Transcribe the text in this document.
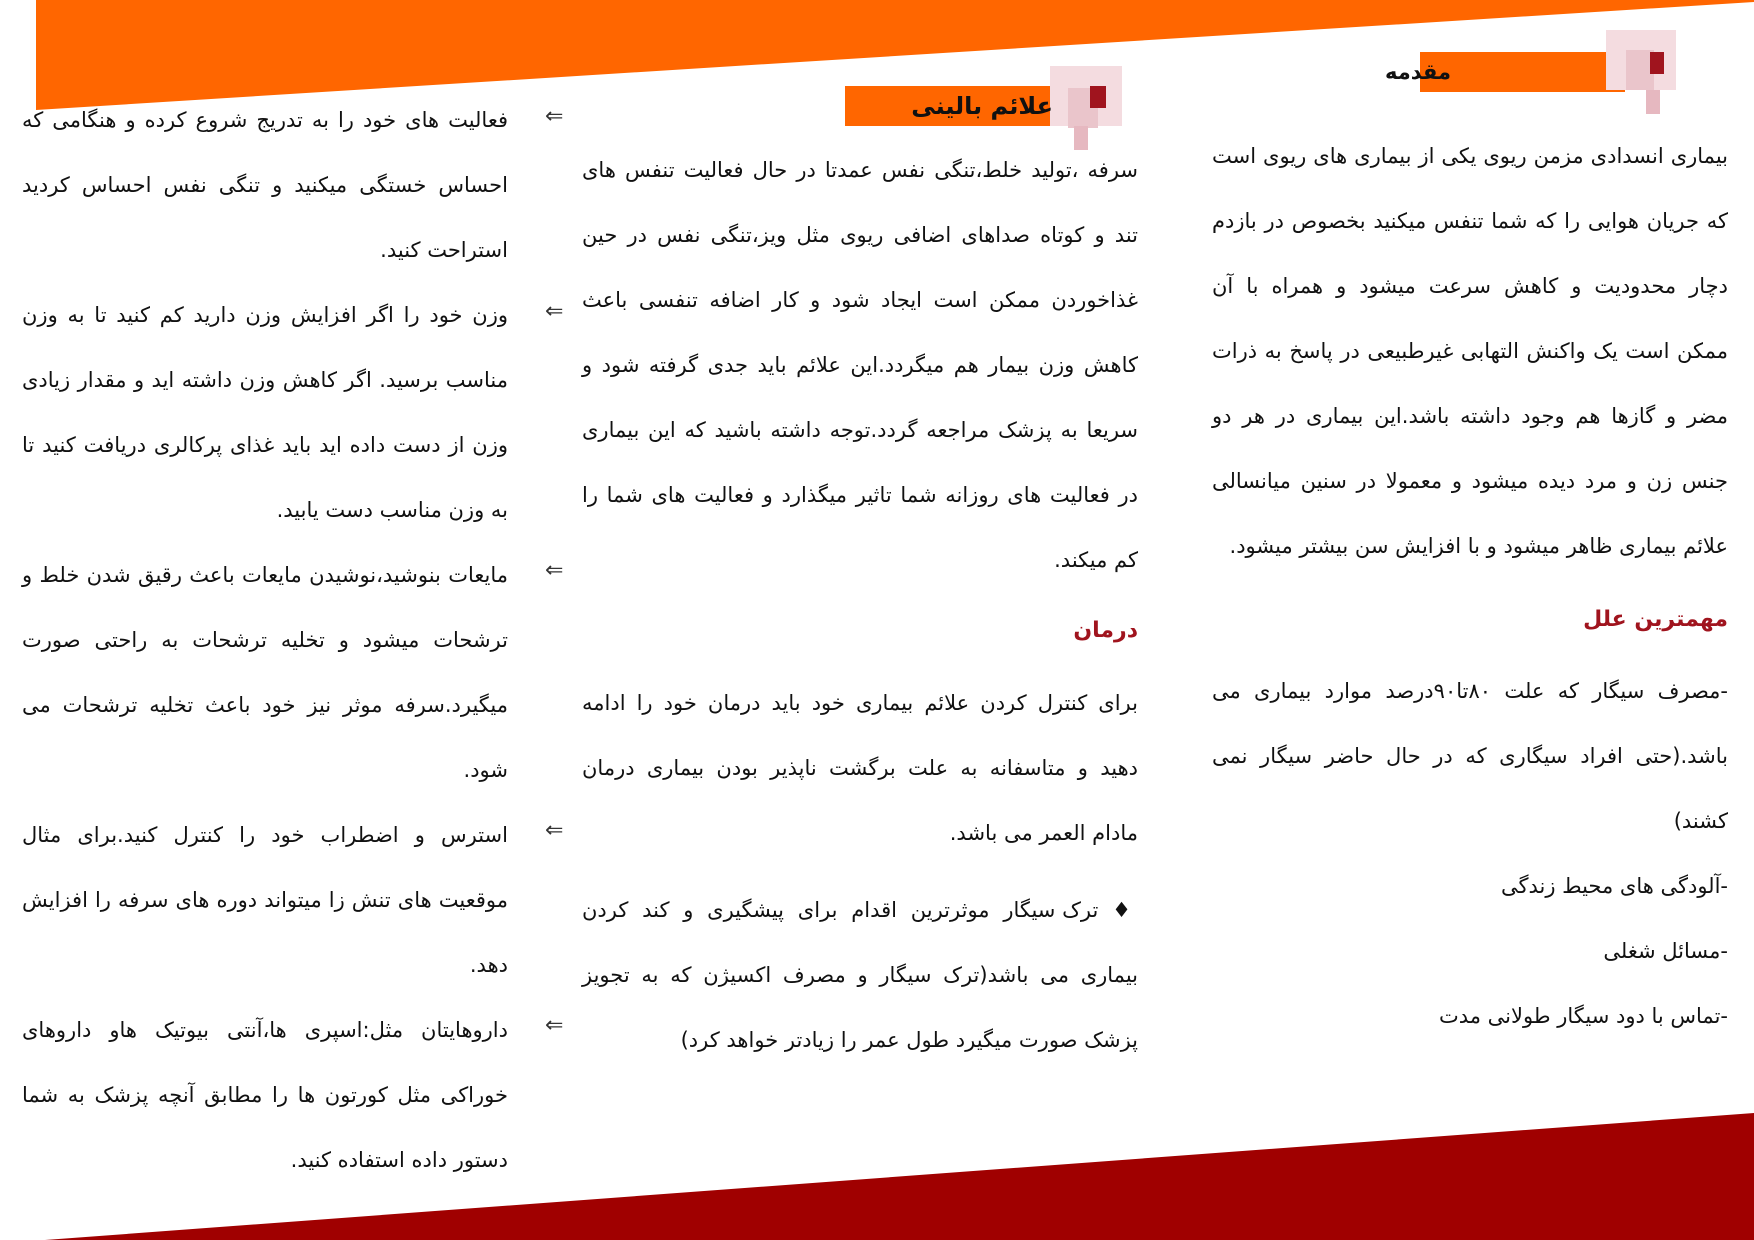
مقدمه

بیماری انسدادی مزمن ریوی یکی از بیماری های ریوی است که جریان هوایی را که شما تنفس میکنید بخصوص در بازدم دچار محدودیت و کاهش سرعت میشود و همراه با آن ممکن است یک واکنش التهابی غیرطبیعی در پاسخ به ذرات مضر و گازها هم وجود داشته باشد.این بیماری در هر دو جنس زن و مرد دیده میشود و معمولا در سنین میانسالی علائم بیماری ظاهر میشود و با افزایش سن بیشتر میشود.

مهمترین علل

-مصرف سیگار که علت ۸۰تا۹۰درصد موارد بیماری می باشد.(حتی افراد سیگاری که در حال حاضر سیگار نمی کشند)

-آلودگی های محیط زندگی

-مسائل شغلی

-تماس با دود سیگار طولانی مدت

علائم بالینی

سرفه ،تولید خلط،تنگی نفس عمدتا در حال فعالیت تنفس های تند و کوتاه صداهای اضافی ریوی مثل ویز،تنگی نفس در حین غذاخوردن ممکن است ایجاد شود و کار اضافه تنفسی باعث کاهش وزن بیمار هم میگردد.این علائم باید جدی گرفته شود و سریعا به پزشک مراجعه گردد.توجه داشته باشید که این بیماری در فعالیت های روزانه شما تاثیر میگذارد و فعالیت های شما را کم میکند.

درمان

برای کنترل کردن علائم بیماری خود باید درمان خود را ادامه دهید و متاسفانه به علت برگشت ناپذیر بودن بیماری درمان مادام العمر می باشد.

♦ ترک سیگار موثرترین اقدام برای پیشگیری و کند کردن بیماری می باشد(ترک سیگار و مصرف اکسیژن که به تجویز پزشک صورت میگیرد طول عمر را زیادتر خواهد کرد)

فعالیت های خود را به تدریج شروع کرده و هنگامی که احساس خستگی میکنید و تنگی نفس احساس کردید استراحت کنید.

وزن خود را اگر افزایش وزن دارید کم کنید تا به وزن مناسب برسید. اگر کاهش وزن داشته اید و مقدار زیادی وزن از دست داده اید باید غذای پرکالری دریافت کنید تا به وزن مناسب دست یابید.

مایعات بنوشید،نوشیدن مایعات باعث رقیق شدن خلط و ترشحات میشود و تخلیه ترشحات به راحتی صورت میگیرد.سرفه موثر نیز خود باعث تخلیه ترشحات می شود.

استرس و اضطراب خود را کنترل کنید.برای مثال موقعیت های تنش زا میتواند دوره های سرفه را افزایش دهد.

داروهایتان مثل:اسپری ها،آنتی بیوتیک هاو داروهای خوراکی مثل کورتون ها را مطابق آنچه پزشک به شما دستور داده استفاده کنید.

⇐
⇐
⇐
⇐
⇐
